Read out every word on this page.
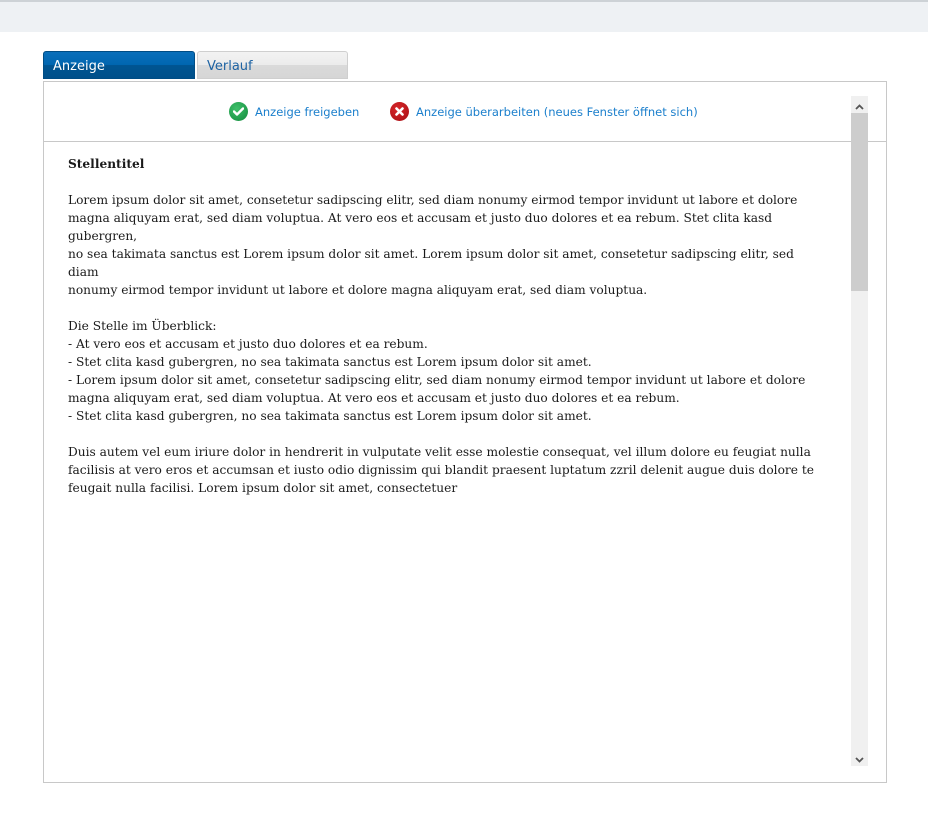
Anzeige	Verlauf
Anzeige freigeben	Anzeige überarbeiten (neues Fenster öffnet sich)
Stellentitel

Lorem ipsum dolor sit amet, consetetur sadipscing elitr, sed diam nonumy eirmod tempor invidunt ut labore et dolore
magna aliquyam erat, sed diam voluptua. At vero eos et accusam et justo duo dolores et ea rebum. Stet clita kasd gubergren,
no sea takimata sanctus est Lorem ipsum dolor sit amet. Lorem ipsum dolor sit amet, consetetur sadipscing elitr, sed diam
nonumy eirmod tempor invidunt ut labore et dolore magna aliquyam erat, sed diam voluptua.

Die Stelle im Überblick:
- At vero eos et accusam et justo duo dolores et ea rebum.
- Stet clita kasd gubergren, no sea takimata sanctus est Lorem ipsum dolor sit amet.
- Lorem ipsum dolor sit amet, consetetur sadipscing elitr, sed diam nonumy eirmod tempor invidunt ut labore et dolore
magna aliquyam erat, sed diam voluptua. At vero eos et accusam et justo duo dolores et ea rebum.
- Stet clita kasd gubergren, no sea takimata sanctus est Lorem ipsum dolor sit amet.

Duis autem vel eum iriure dolor in hendrerit in vulputate velit esse molestie consequat, vel illum dolore eu feugiat nulla
facilisis at vero eros et accumsan et iusto odio dignissim qui blandit praesent luptatum zzril delenit augue duis dolore te
feugait nulla facilisi. Lorem ipsum dolor sit amet, consectetuer
